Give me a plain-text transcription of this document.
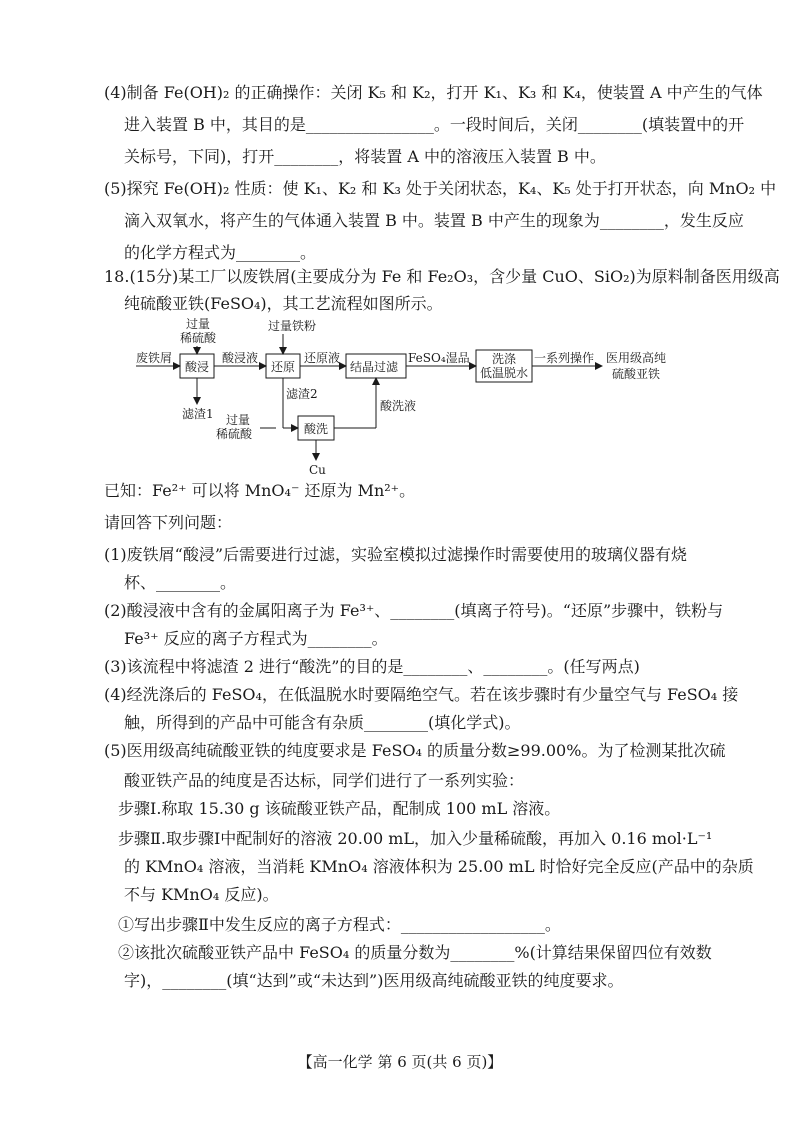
(4)制备 Fe(OH)₂ 的正确操作：关闭 K₅ 和 K₂，打开 K₁、K₃ 和 K₄，使装置 A 中产生的气体
进入装置 B 中，其目的是________________。一段时间后，关闭________(填装置中的开
关标号，下同)，打开________，将装置 A 中的溶液压入装置 B 中。
(5)探究 Fe(OH)₂ 性质：使 K₁、K₂ 和 K₃ 处于关闭状态，K₄、K₅ 处于打开状态，向 MnO₂ 中
滴入双氧水，将产生的气体通入装置 B 中。装置 B 中产生的现象为________，发生反应
的化学方程式为________。
18.(15分)某工厂以废铁屑(主要成分为 Fe 和 Fe₂O₃，含少量 CuO、SiO₂)为原料制备医用级高
纯硫酸亚铁(FeSO₄)，其工艺流程如图所示。
已知：Fe²⁺ 可以将 MnO₄⁻ 还原为 Mn²⁺。
请回答下列问题：
(1)废铁屑“酸浸”后需要进行过滤，实验室模拟过滤操作时需要使用的玻璃仪器有烧
杯、________。
(2)酸浸液中含有的金属阳离子为 Fe³⁺、________(填离子符号)。“还原”步骤中，铁粉与
Fe³⁺ 反应的离子方程式为________。
(3)该流程中将滤渣 2 进行“酸洗”的目的是________、________。(任写两点)
(4)经洗涤后的 FeSO₄，在低温脱水时要隔绝空气。若在该步骤时有少量空气与 FeSO₄ 接
触，所得到的产品中可能含有杂质________(填化学式)。
(5)医用级高纯硫酸亚铁的纯度要求是 FeSO₄ 的质量分数≥99.00%。为了检测某批次硫
酸亚铁产品的纯度是否达标，同学们进行了一系列实验：
步骤Ⅰ.称取 15.30 g 该硫酸亚铁产品，配制成 100 mL 溶液。
步骤Ⅱ.取步骤Ⅰ中配制好的溶液 20.00 mL，加入少量稀硫酸，再加入 0.16 mol·L⁻¹
的 KMnO₄ 溶液，当消耗 KMnO₄ 溶液体积为 25.00 mL 时恰好完全反应(产品中的杂质
不与 KMnO₄ 反应)。
①写出步骤Ⅱ中发生反应的离子方程式：__________________。
②该批次硫酸亚铁产品中 FeSO₄ 的质量分数为________%(计算结果保留四位有效数
字)，________(填“达到”或“未达到”)医用级高纯硫酸亚铁的纯度要求。
过量
稀硫酸
过量铁粉
废铁屑
酸浸
酸浸液
还原
还原液
结晶过滤
FeSO₄湿品 洗涤
低温脱水
一系列操作 医用级高纯
硫酸亚铁
滤渣1
滤渣2
酸洗液
过量
稀硫酸	酸洗
Cu
【高一化学 第 6 页(共 6 页)】
